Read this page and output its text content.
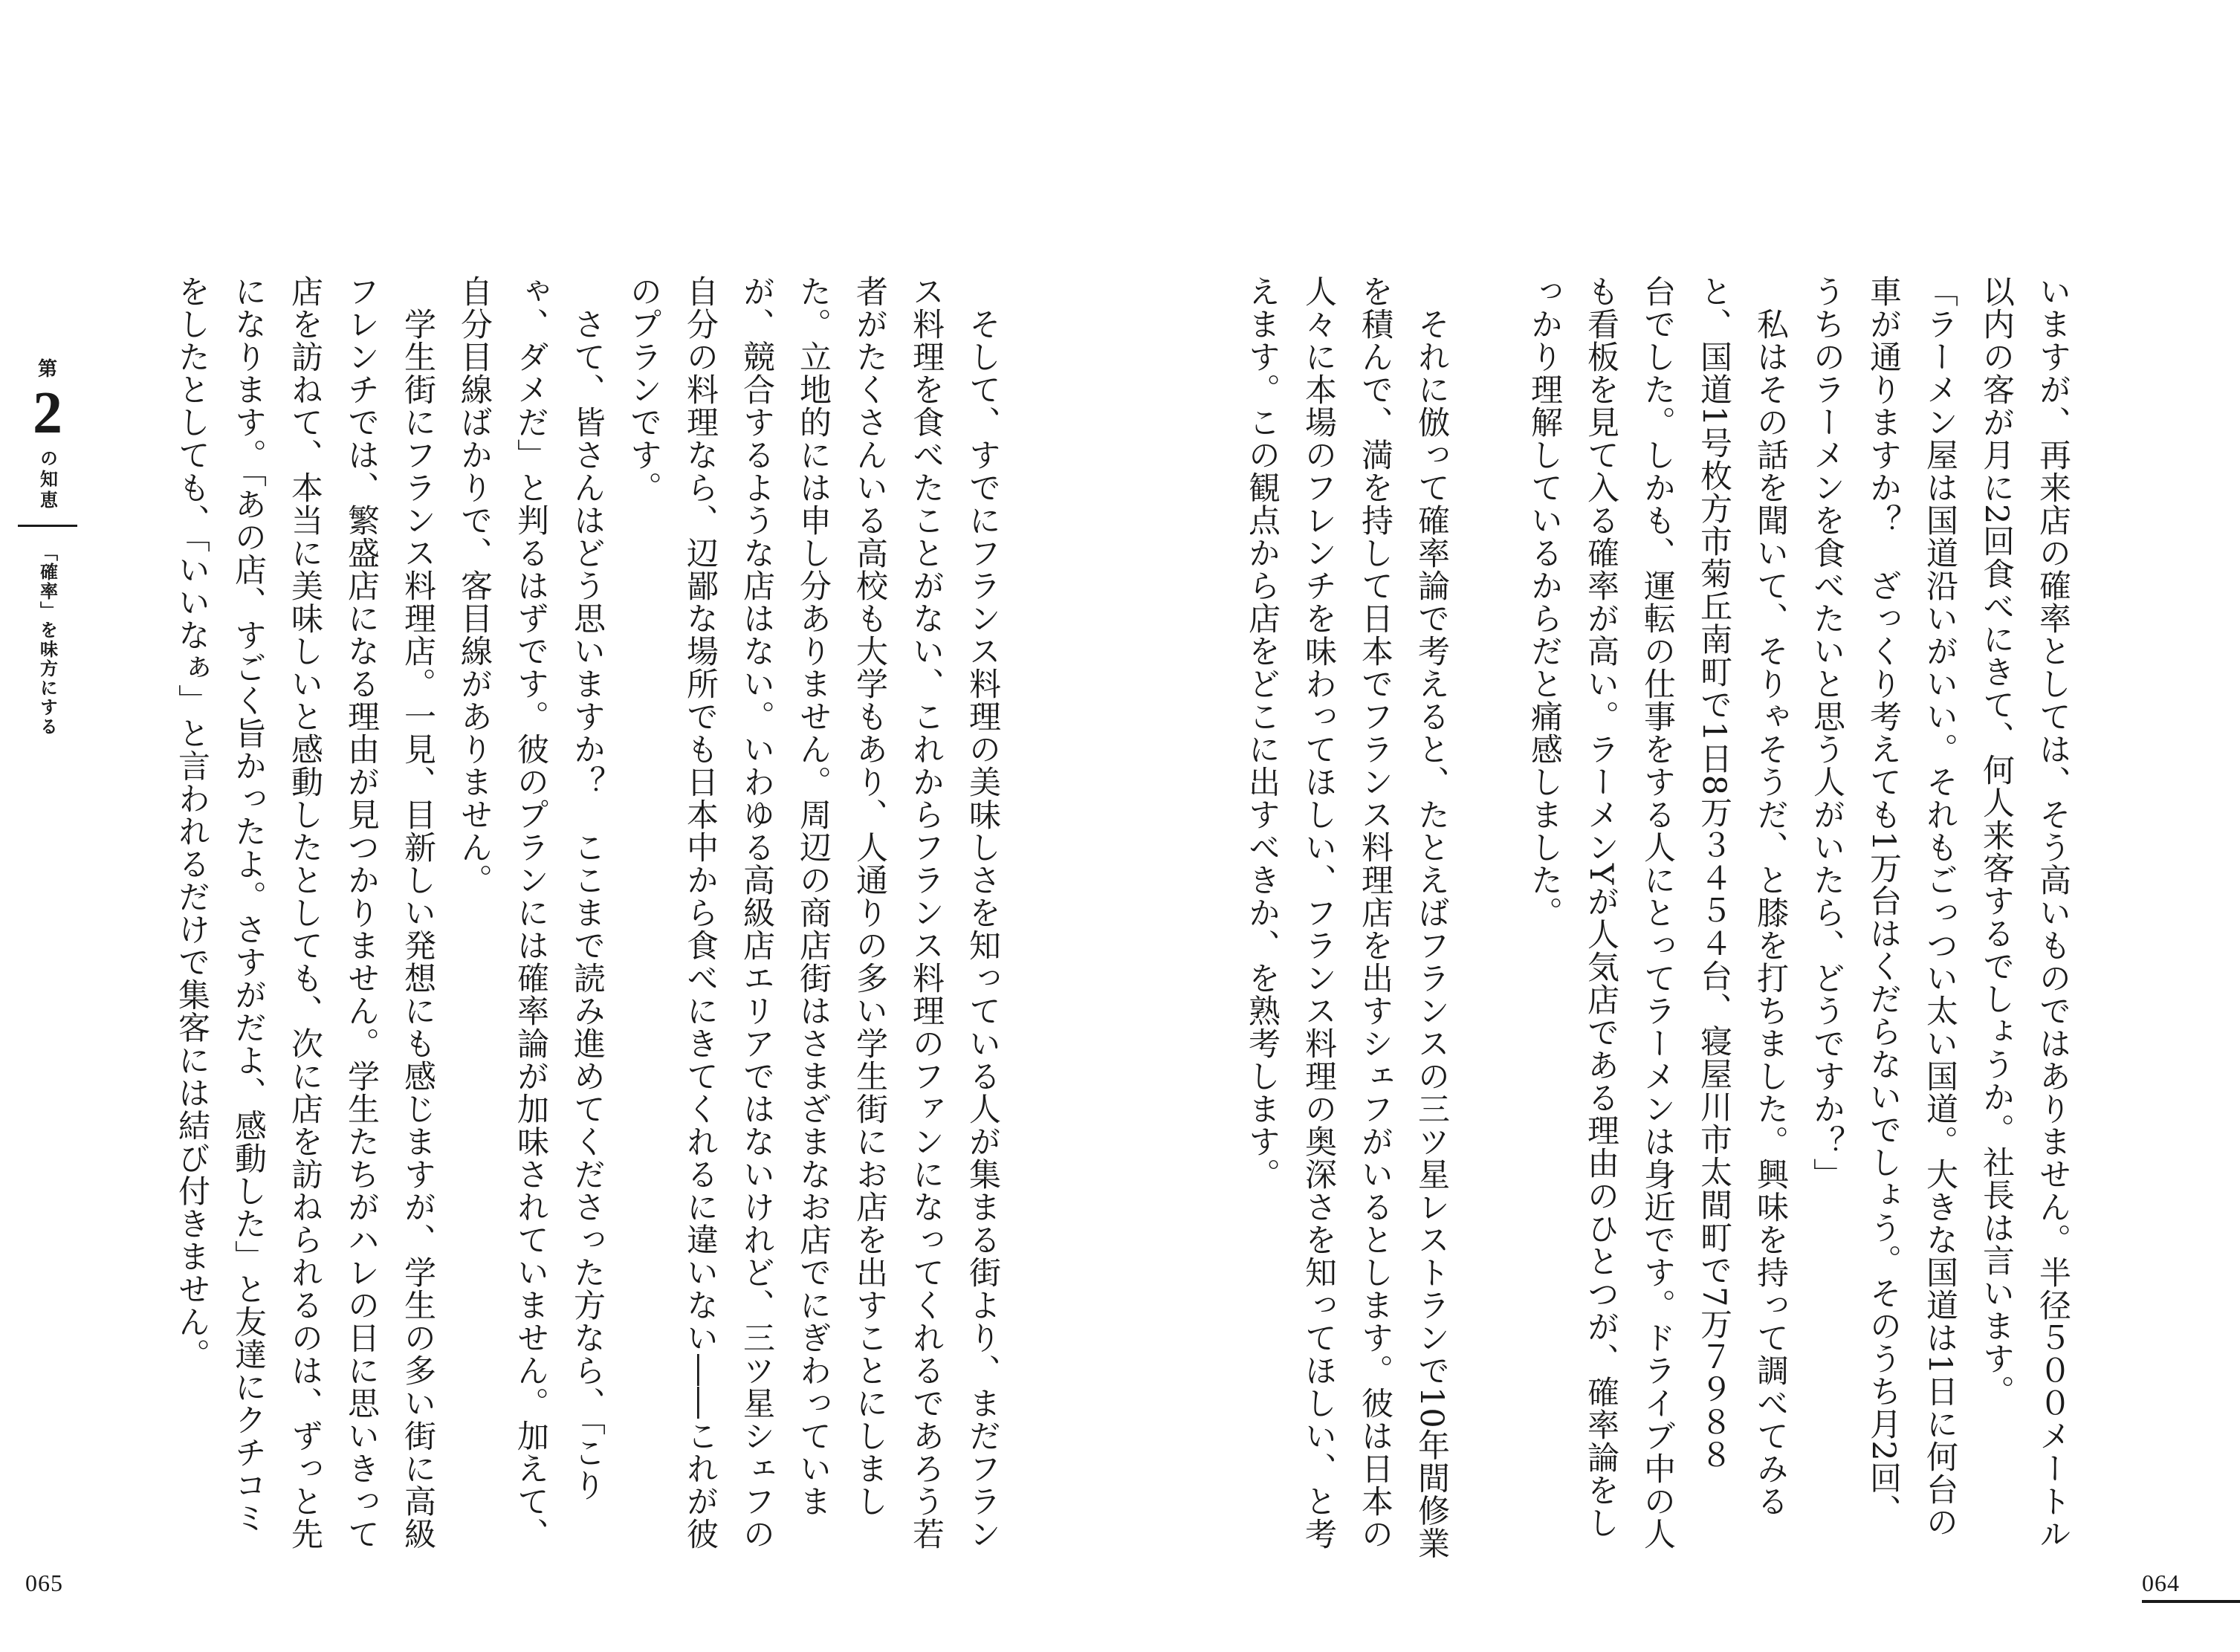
いますが、再来店の確率としては、そう高いものではありません。半径５００メートル
以内の客が月に2回食べにきて、何人来客するでしょうか。社長は言います。
「ラーメン屋は国道沿いがいい。それもごっつい太い国道。大きな国道は1日に何台の
車が通りますか？　ざっくり考えても1万台はくだらないでしょう。そのうち月2回、
うちのラーメンを食べたいと思う人がいたら、どうですか？」
　私はその話を聞いて、そりゃそうだ、と膝を打ちました。興味を持って調べてみる
と、国道1号枚方市菊丘南町で1日8万３４５４台、寝屋川市太間町で7万７９８８
台でした。しかも、運転の仕事をする人にとってラーメンは身近です。ドライブ中の人
も看板を見て入る確率が高い。ラーメンYが人気店である理由のひとつが、確率論をし
っかり理解しているからだと痛感しました。

　それに倣って確率論で考えると、たとえばフランスの三ツ星レストランで10年間修業
を積んで、満を持して日本でフランス料理店を出すシェフがいるとします。彼は日本の
人々に本場のフレンチを味わってほしい、フランス料理の奥深さを知ってほしい、と考
えます。この観点から店をどこに出すべきか、を熟考します。
　そして、すでにフランス料理の美味しさを知っている人が集まる街より、まだフラン
ス料理を食べたことがない、これからフランス料理のファンになってくれるであろう若
者がたくさんいる高校も大学もあり、人通りの多い学生街にお店を出すことにしまし
た。立地的には申し分ありません。周辺の商店街はさまざまなお店でにぎわっていま
が、競合するような店はない。いわゆる高級店エリアではないけれど、三ツ星シェフの
自分の料理なら、辺鄙な場所でも日本中から食べにきてくれるに違いない――これが彼
のプランです。
　さて、皆さんはどう思いますか？　ここまで読み進めてくださった方なら、「こり
ゃ、ダメだ」と判るはずです。彼のプランには確率論が加味されていません。加えて、
自分目線ばかりで、客目線がありません。
　学生街にフランス料理店。一見、目新しい発想にも感じますが、学生の多い街に高級
フレンチでは、繁盛店になる理由が見つかりません。学生たちがハレの日に思いきって
店を訪ねて、本当に美味しいと感動したとしても、次に店を訪ねられるのは、ずっと先
になります。「あの店、すごく旨かったよ。さすがだよ、感動した」と友達にクチコミ
をしたとしても、「いいなぁ」と言われるだけで集客には結び付きません。
第
2
の知恵
「確率」を味方にする
065	064
